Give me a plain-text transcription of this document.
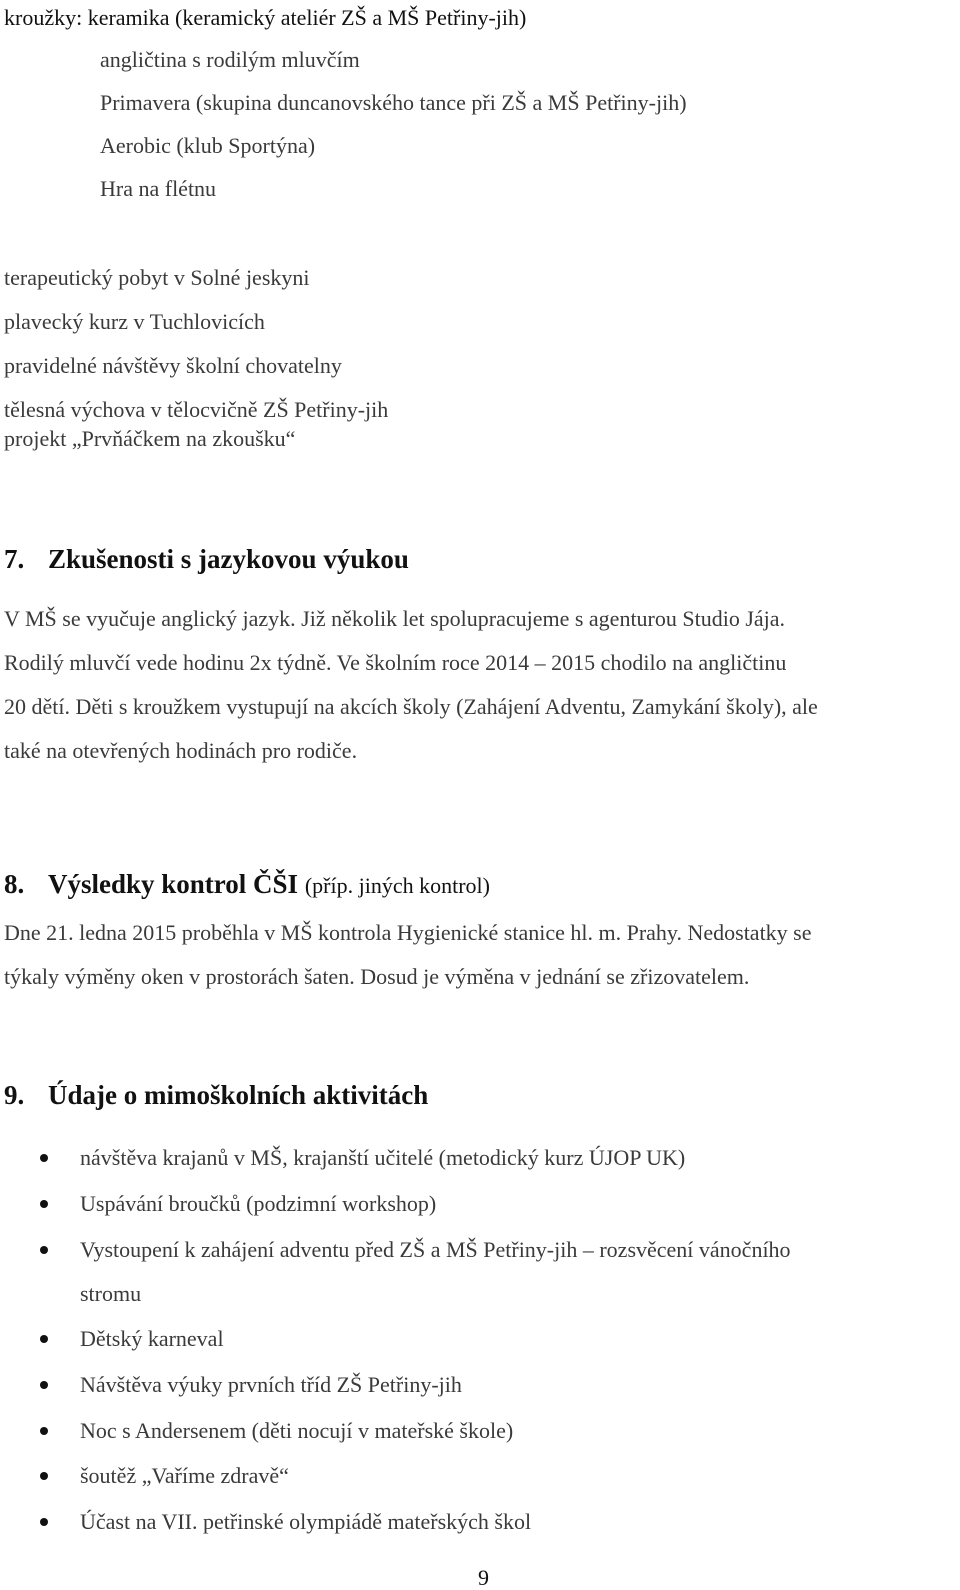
kroužky: keramika (keramický ateliér ZŠ a MŠ Petřiny-jih)
angličtina s rodilým mluvčím
Primavera (skupina duncanovského tance při ZŠ a MŠ Petřiny-jih)
Aerobic (klub Sportýna)
Hra na flétnu
terapeutický pobyt v Solné jeskyni
plavecký kurz v Tuchlovicích
pravidelné návštěvy školní chovatelny
tělesná výchova v tělocvičně ZŠ Petřiny-jih
projekt „Prvňáčkem na zkoušku“
7. Zkušenosti s jazykovou výukou
V MŠ se vyučuje anglický jazyk. Již několik let spolupracujeme s agenturou Studio Jája.
Rodilý mluvčí vede hodinu 2x týdně. Ve školním roce 2014 – 2015 chodilo na angličtinu
20 dětí. Děti s kroužkem vystupují na akcích školy (Zahájení Adventu, Zamykání školy), ale
také na otevřených hodinách pro rodiče.
8. Výsledky kontrol ČŠI (příp. jiných kontrol)
Dne 21. ledna 2015 proběhla v MŠ kontrola Hygienické stanice hl. m. Prahy. Nedostatky se
týkaly výměny oken v prostorách šaten. Dosud je výměna v jednání se zřizovatelem.
9. Údaje o mimoškolních aktivitách
návštěva krajanů v MŠ, krajanští učitelé (metodický kurz ÚJOP UK)
Uspávání broučků (podzimní workshop)
Vystoupení k zahájení adventu před ZŠ a MŠ Petřiny-jih – rozsvěcení vánočního
stromu
Dětský karneval
Návštěva výuky prvních tříd ZŠ Petřiny-jih
Noc s Andersenem (děti nocují v mateřské škole)
šoutěž „Vaříme zdravě“
Účast na VII. petřinské olympiádě mateřských škol
9
